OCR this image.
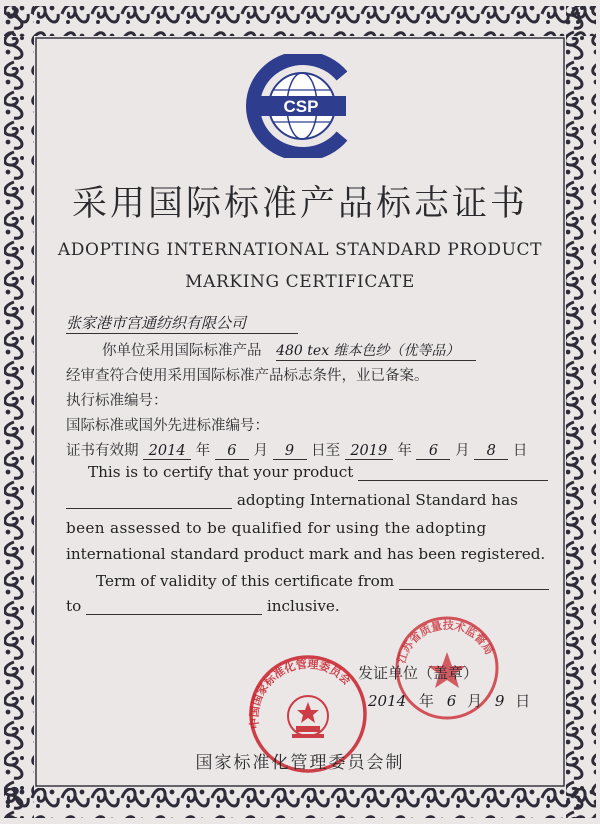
CSP
采用国际标准产品标志证书
ADOPTING INTERNATIONAL STANDARD PRODUCT
MARKING CERTIFICATE
张家港市宫通纺织有限公司
你单位采用国际标准产品 480 tex 维本色纱（优等品）
经审查符合使用采用国际标准产品标志条件，业已备案。
执行标准编号：
国际标准或国外先进标准编号：
证书有效期 2014 年 6 月 9 日至 2019 年 6 月 8 日
This is to certify that your product
adopting International Standard has
been assessed to be qualified for using the adopting
international standard product mark and has been registered.
Term of validity of this certificate from
to	inclusive.
江苏省质量技术监督局
发证单位（盖章）
2014 年 6 月 9 日
中国国家标准化管理委员会
国家标准化管理委员会制
